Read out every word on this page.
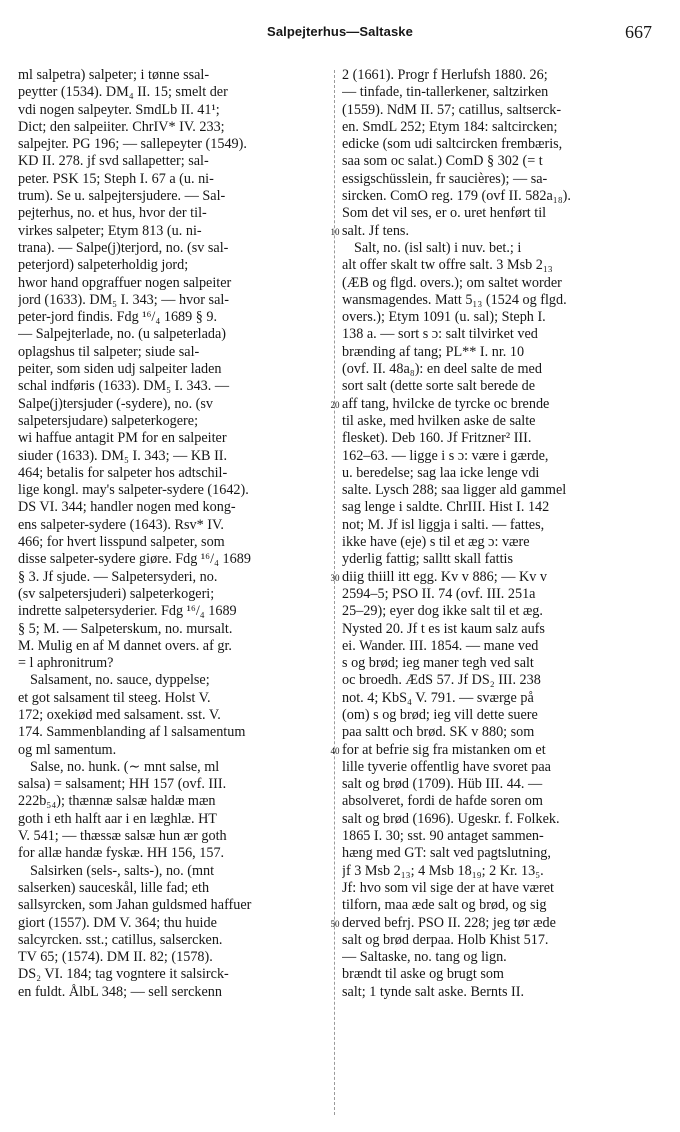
Salpejterhus—Saltaske	667
10
20
30
40
50
ml salpetra) salpeter; i tønne ssal-
peytter (1534). DM₄ II. 15; smelt der
vdi nogen salpeyter. SmdLb II. 41¹;
Dict; den salpeiiter. ChrIV* IV. 233;
salpejter. PG 196; — sallepeyter (1549).
KD II. 278. jf svd sallapetter; sal-
peter. PSK 15; Steph I. 67 a (u. ni-
trum). Se u. salpejtersjudere. — Sal-
pejterhus, no. et hus, hvor der til-
virkes salpeter; Etym 813 (u. ni-
trana). — Salpe(j)terjord, no. (sv sal-
peterjord) salpeterholdig jord;
hwor hand opgraffuer nogen salpeiter
jord (1633). DM₅ I. 343; — hvor sal-
peter-jord findis. Fdg ¹⁶/₄ 1689 § 9.
— Salpejterlade, no. (u salpeterlada)
oplagshus til salpeter; siude sal-
peiter, som siden udj salpeiter laden
schal indføris (1633). DM₅ I. 343. —
Salpe(j)tersjuder (-sydere), no. (sv
salpetersjudare) salpeterkogere;
wi haffue antagit PM for en salpeiter
siuder (1633). DM₅ I. 343; — KB II.
464; betalis for salpeter hos adtschil-
lige kongl. may's salpeter-sydere (1642).
DS VI. 344; handler nogen med kong-
ens salpeter-sydere (1643). Rsv* IV.
466; for hvert lisspund salpeter, som
disse salpeter-sydere giøre. Fdg ¹⁶/₄ 1689
§ 3. Jf sjude. — Salpetersyderi, no.
(sv salpetersjuderi) salpeterkogeri;
indrette salpetersyderier. Fdg ¹⁶/₄ 1689
§ 5; M. — Salpeterskum, no. mursalt.
M. Mulig en af M dannet overs. af gr.
= l aphronitrum?
Salsament, no. sauce, dyppelse;
et got salsament til steeg. Holst V.
172; oxekiød med salsament. sst. V.
174. Sammenblanding af l salsamentum
og ml samentum.
Salse, no. hunk. (∼ mnt salse, ml
salsa) = salsament; HH 157 (ovf. III.
222b₅₄); thænnæ salsæ haldæ mæn
goth i eth halft aar i en læghlæ. HT
V. 541; — thæssæ salsæ hun ær goth
for allæ handæ fyskæ. HH 156, 157.
Salsirken (sels-, salts-), no. (mnt
salserken) sauceskål, lille fad; eth
sallsyrcken, som Jahan guldsmed haffuer
giort (1557). DM V. 364; thu huide
salcyrcken. sst.; catillus, salsercken.
TV 65; (1574). DM II. 82; (1578).
DS₂ VI. 184; tag vogntere it salsirck-
en fuldt. ÅlbL 348; — sell serckenn
2 (1661). Progr f Herlufsh 1880. 26;
— tinfade, tin-tallerkener, saltzirken
(1559). NdM II. 57; catillus, saltserck-
en. SmdL 252; Etym 184: saltcircken;
edicke (som udi saltcircken frembæris,
saa som oc salat.) ComD § 302 (= t
essigschüsslein, fr saucières); — sa-
sircken. ComO reg. 179 (ovf II. 582a₁₈).
Som det vil ses, er o. uret henført til
salt. Jf tens.
Salt, no. (isl salt) i nuv. bet.; i
alt offer skalt tw offre salt. 3 Msb 2₁₃
(ÆB og flgd. overs.); om saltet worder
wansmagendes. Matt 5₁₃ (1524 og flgd.
overs.); Etym 1091 (u. sal); Steph I.
138 a. — sort s ɔ: salt tilvirket ved
brænding af tang; PL** I. nr. 10
(ovf. II. 48a₈): en deel salte de med
sort salt (dette sorte salt berede de
aff tang, hvilcke de tyrcke oc brende
til aske, med hvilken aske de salte
flesket). Deb 160. Jf Fritzner² III.
162–63. — ligge i s ɔ: være i gærde,
u. beredelse; sag laa icke lenge vdi
salte. Lysch 288; saa ligger ald gammel
sag lenge i saldte. ChrIII. Hist I. 142
not; M. Jf isl liggja i salti. — fattes,
ikke have (eje) s til et æg ɔ: være
yderlig fattig; salltt skall fattis
diig thiill itt egg. Kv v 886; — Kv v
2594–5; PSO II. 74 (ovf. III. 251a
25–29); eyer dog ikke salt til et æg.
Nysted 20. Jf t es ist kaum salz aufs
ei. Wander. III. 1854. — mane ved
s og brød; ieg maner tegh ved salt
oc broedh. ÆdS 57. Jf DS₂ III. 238
not. 4; KbS₄ V. 791. — sværge på
(om) s og brød; ieg vill dette suere
paa saltt och brød. SK v 880; som
for at befrie sig fra mistanken om et
lille tyverie offentlig have svoret paa
salt og brød (1709). Hüb III. 44. —
absolveret, fordi de hafde soren om
salt og brød (1696). Ugeskr. f. Folkek.
1865 I. 30; sst. 90 antaget sammen-
hæng med GT: salt ved pagtslutning,
jf 3 Msb 2₁₃; 4 Msb 18₁₉; 2 Kr. 13₅.
Jf: hvo som vil sige der at have været
tilforn, maa æde salt og brød, og sig
derved befrj. PSO II. 228; jeg tør æde
salt og brød derpaa. Holb Khist 517.
— Saltaske, no. tang og lign.
brændt til aske og brugt som
salt; 1 tynde salt aske. Bernts II.
